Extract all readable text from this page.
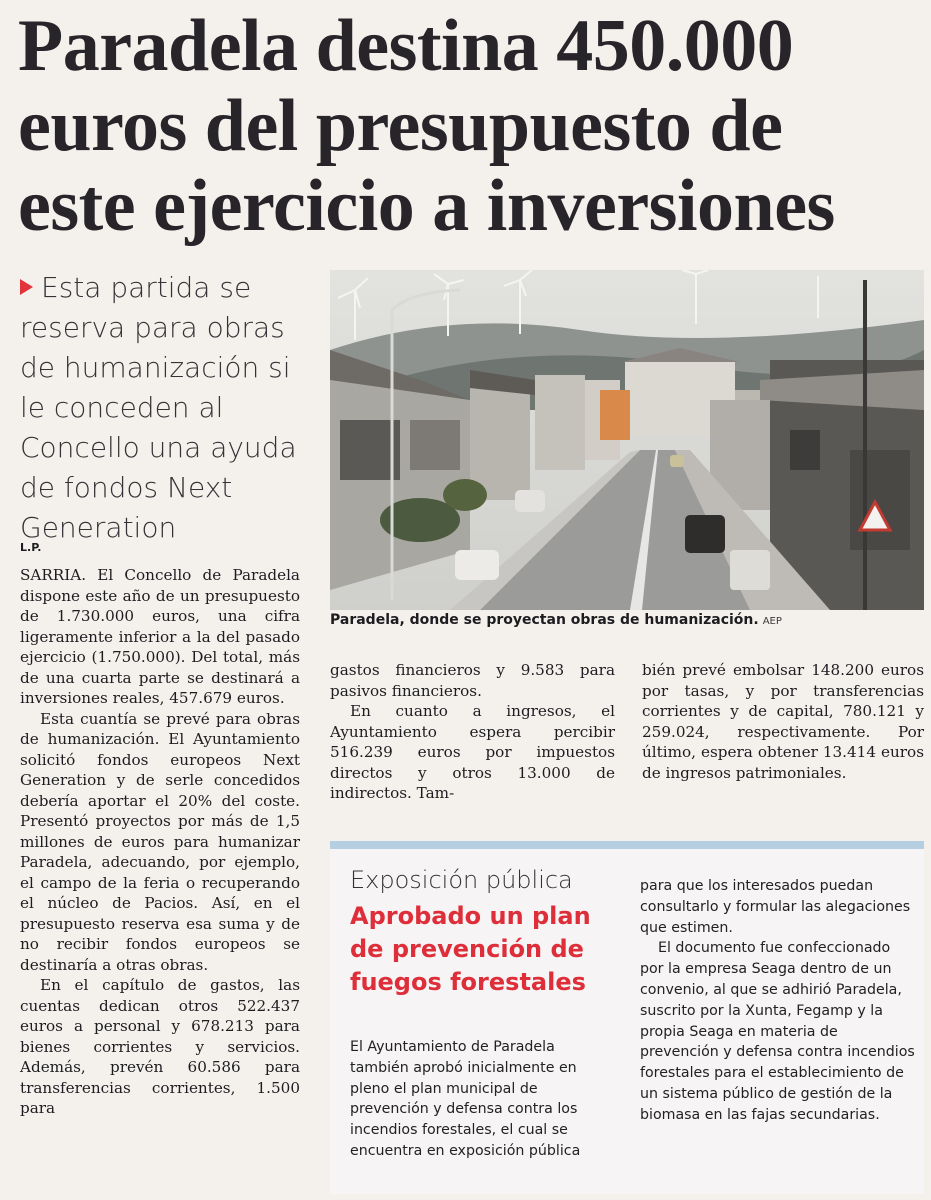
Paradela destina 450.000
euros del presupuesto de
este ejercicio a inversiones
Esta partida se reserva para obras de humanización si le conceden al Concello una ayuda de fondos Next Generation
Paradela, donde se proyectan obras de humanización. AEP
L.P.

SARRIA. El Concello de Paradela dispone este año de un presupuesto de 1.730.000 euros, una cifra ligeramente inferior a la del pasado ejercicio (1.750.000). Del total, más de una cuarta parte se destinará a inversiones reales, 457.679 euros.

Esta cuantía se prevé para obras de humanización. El Ayuntamiento solicitó fondos europeos Next Generation y de serle concedidos debería aportar el 20% del coste. Presentó proyectos por más de 1,5 millones de euros para humanizar Paradela, adecuando, por ejemplo, el campo de la feria o recuperando el núcleo de Pacios. Así, en el presupuesto reserva esa suma y de no recibir fondos europeos se destinaría a otras obras.

En el capítulo de gastos, las cuentas dedican otros 522.437 euros a personal y 678.213 para bienes corrientes y servicios. Además, prevén 60.586 para transferencias corrientes, 1.500 para

gastos financieros y 9.583 para pasivos financieros.

En cuanto a ingresos, el Ayuntamiento espera percibir 516.239 euros por impuestos directos y otros 13.000 de indirectos. Tam-

bién prevé embolsar 148.200 euros por tasas, y por transferencias corrientes y de capital, 780.121 y 259.024, respectivamente. Por último, espera obtener 13.414 euros de ingresos patrimoniales.

Exposición pública
Aprobado un plan de prevención de fuegos forestales

El Ayuntamiento de Paradela también aprobó inicialmente en pleno el plan municipal de prevención y defensa contra los incendios forestales, el cual se encuentra en exposición pública

para que los interesados puedan consultarlo y formular las alegaciones que estimen.

El documento fue confeccionado por la empresa Seaga dentro de un convenio, al que se adhirió Paradela, suscrito por la Xunta, Fegamp y la propia Seaga en materia de prevención y defensa contra incendios forestales para el establecimiento de un sistema público de gestión de la biomasa en las fajas secundarias.
